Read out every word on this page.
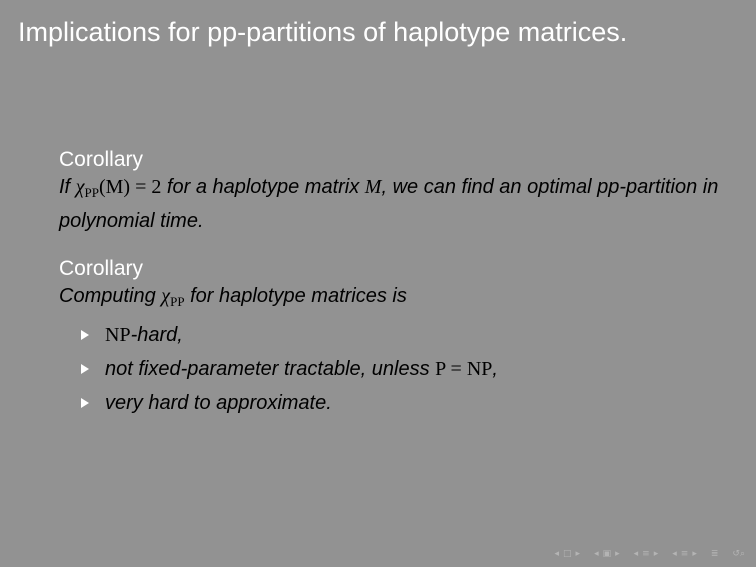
Implications for pp-partitions of haplotype matrices.
Corollary
If $\chi_{PP}(M) = 2$ for a haplotype matrix M, we can find an optimal pp-partition in polynomial time.
Corollary
Computing $\chi_{PP}$ for haplotype matrices is
NP-hard,
not fixed-parameter tractable, unless P = NP,
very hard to approximate.
◂ □ ▸ ◂ ▣ ▸ ◂ ≡ ▸ ◂ ≡ ▸ ≣ ↺⌕
